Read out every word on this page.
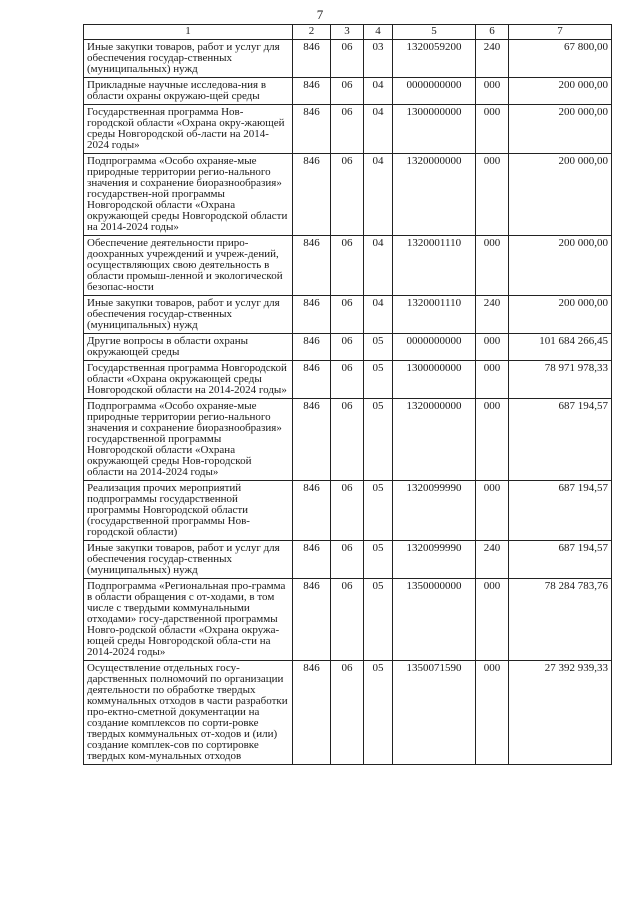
7
1	2	3	4	5	6	7
Иные закупки товаров, работ и услуг для обеспечения государ-ственных (муниципальных) нужд	846	06	03	1320059200	240	67 800,00
Прикладные научные исследова-ния в области охраны окружаю-щей среды	846	06	04	0000000000	000	200 000,00
Государственная программа Нов-городской области «Охрана окру-жающей среды Новгородской об-ласти на 2014-2024 годы»	846	06	04	1300000000	000	200 000,00
Подпрограмма «Особо охраняе-мые природные территории регио-нального значения и сохранение биоразнообразия» государствен-ной программы Новгородской области «Охрана окружающей среды Новгородской области на 2014-2024 годы»	846	06	04	1320000000	000	200 000,00
Обеспечение деятельности приро-доохранных учреждений и учреж-дений, осуществляющих свою деятельность в области промыш-ленной и экологической безопас-ности	846	06	04	1320001110	000	200 000,00
Иные закупки товаров, работ и услуг для обеспечения государ-ственных (муниципальных) нужд	846	06	04	1320001110	240	200 000,00
Другие вопросы в области охраны окружающей среды	846	06	05	0000000000	000	101 684 266,45
Государственная программа Новгородской области «Охрана окружающей среды Новгородской области на 2014-2024 годы»	846	06	05	1300000000	000	78 971 978,33
Подпрограмма «Особо охраняе-мые природные территории регио-нального значения и сохранение биоразнообразия» государственной программы Новгородской области «Охрана окружающей среды Нов-городской области на 2014-2024 годы»	846	06	05	1320000000	000	687 194,57
Реализация прочих мероприятий подпрограммы государственной программы Новгородской области (государственной программы Нов-городской области)	846	06	05	1320099990	000	687 194,57
Иные закупки товаров, работ и услуг для обеспечения государ-ственных (муниципальных) нужд	846	06	05	1320099990	240	687 194,57
Подпрограмма «Региональная про-грамма в области обращения с от-ходами, в том числе с твердыми коммунальными отходами» госу-дарственной программы Новго-родской области «Охрана окружа-ющей среды Новгородской обла-сти на 2014-2024 годы»	846	06	05	1350000000	000	78 284 783,76
Осуществление отдельных госу-дарственных полномочий по организации деятельности по обработке твердых коммунальных отходов в части разработки про-ектно-сметной документации на создание комплексов по сорти-ровке твердых коммунальных от-ходов и (или) создание комплек-сов по сортировке твердых ком-мунальных отходов	846	06	05	1350071590	000	27 392 939,33
